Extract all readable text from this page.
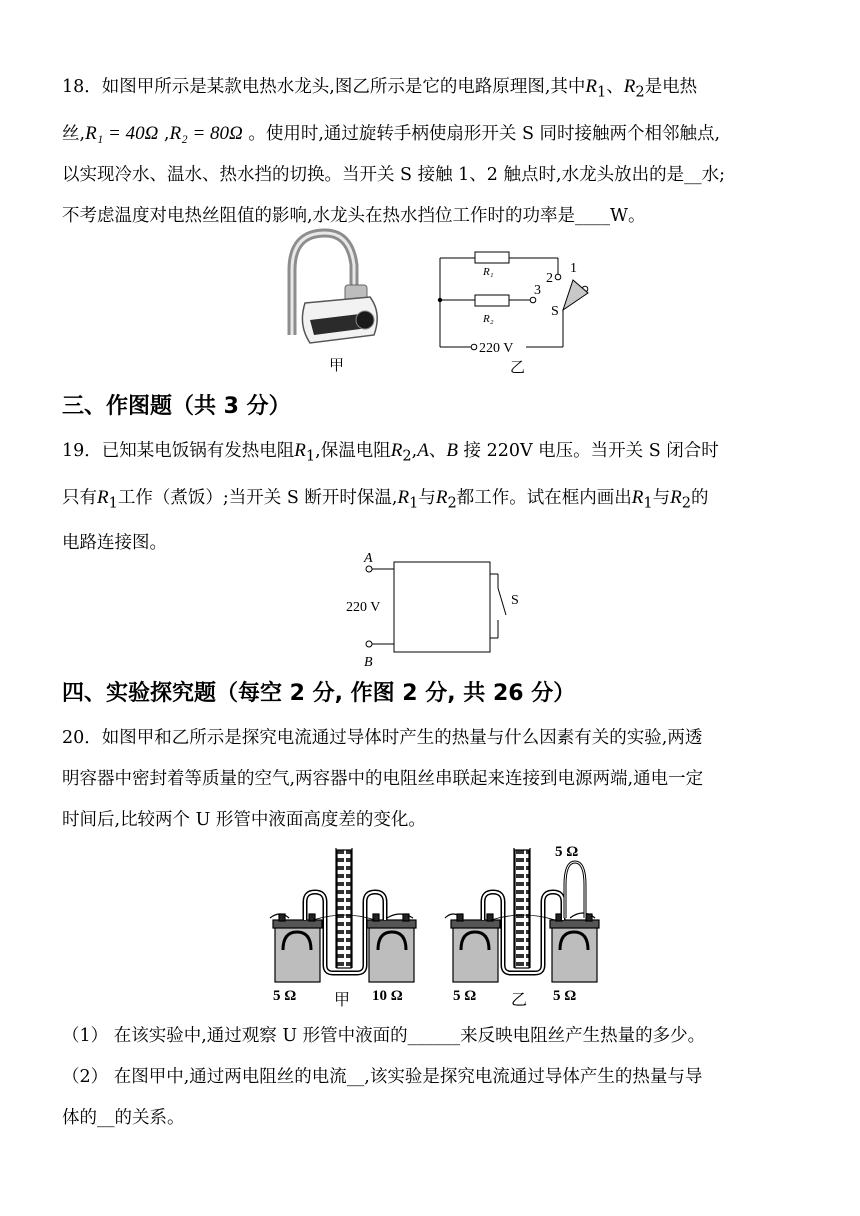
18．如图甲所示是某款电热水龙头,图乙所示是它的电路原理图,其中$R_1$、$R_2$是电热
丝,R₁ = 40Ω ,R₂ = 80Ω 。使用时,通过旋转手柄使扇形开关 S 同时接触两个相邻触点,
以实现冷水、温水、热水挡的切换。当开关 S 接触 1、2 触点时,水龙头放出的是__水;
不考虑温度对电热丝阻值的影响,水龙头在热水挡位工作时的功率是____W。
甲
R₁
R₂
2
1
3
S
220 V
乙
三、作图题（共 3 分）
19．已知某电饭锅有发热电阻$R_1$,保温电阻$R_2,A$、B 接 220V 电压。当开关 S 闭合时
只有$R_1$工作（煮饭）;当开关 S 断开时保温$,R_1$与$R_2$都工作。试在框内画出$R_1$与$R_2$的
电路连接图。
A
B
220 V	S
四、实验探究题（每空 2 分, 作图 2 分, 共 26 分）
20．如图甲和乙所示是探究电流通过导体时产生的热量与什么因素有关的实验,两透
明容器中密封着等质量的空气,两容器中的电阻丝串联起来连接到电源两端,通电一定
时间后,比较两个 U 形管中液面高度差的变化。
5 Ω	10 Ω
甲
5 Ω
5 Ω	5 Ω
乙
（1） 在该实验中,通过观察 U 形管中液面的______来反映电阻丝产生热量的多少。
（2） 在图甲中,通过两电阻丝的电流__,该实验是探究电流通过导体产生的热量与导
体的__的关系。
